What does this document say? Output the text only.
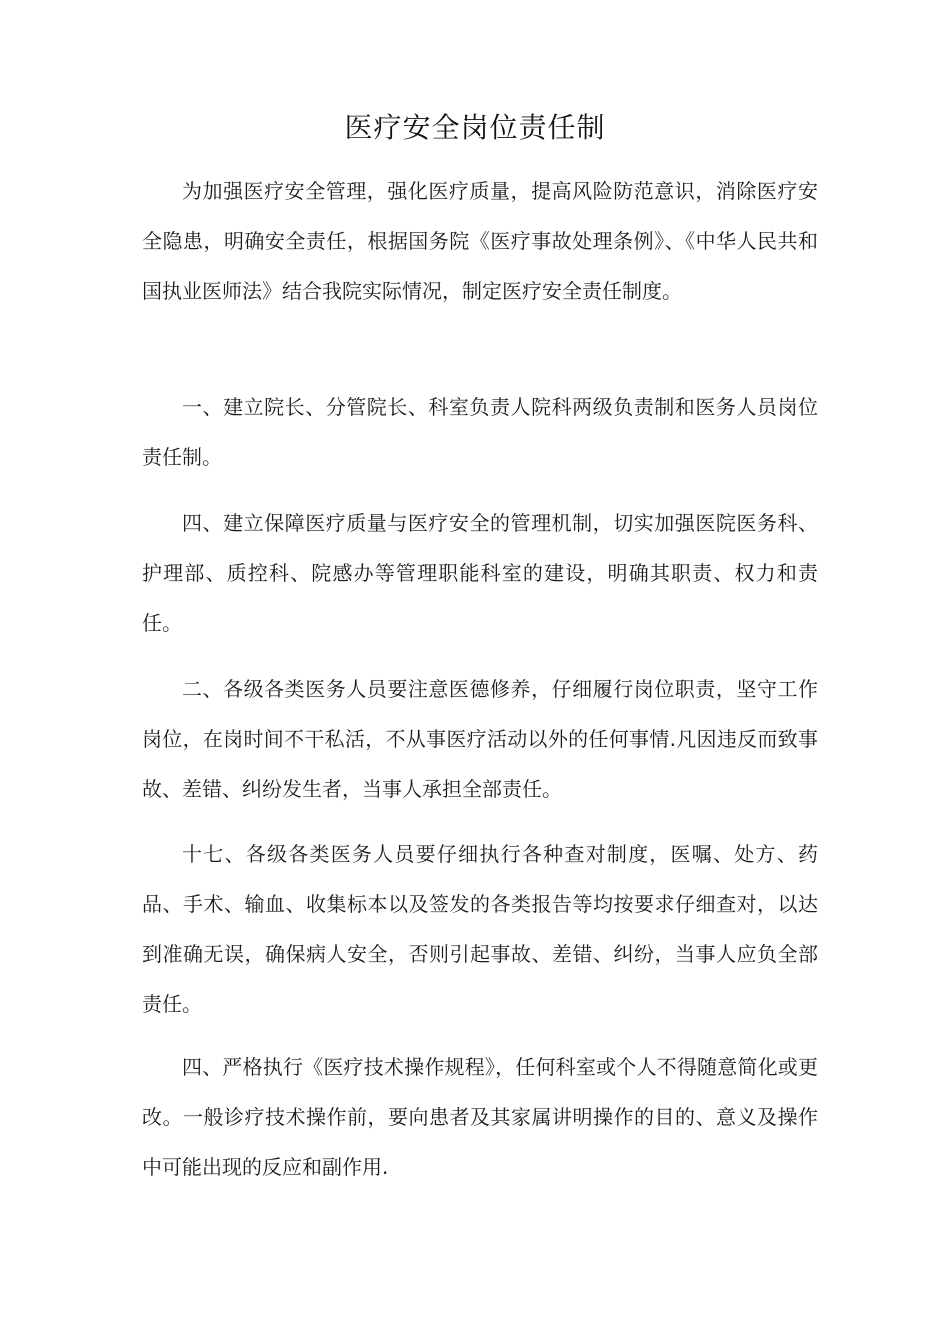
医疗安全岗位责任制

为加强医疗安全管理，强化医疗质量，提高风险防范意识，消除医疗安全隐患，明确安全责任，根据国务院《医疗事故处理条例》、《中华人民共和国执业医师法》结合我院实际情况，制定医疗安全责任制度。

一、建立院长、分管院长、科室负责人院科两级负责制和医务人员岗位责任制。

四、建立保障医疗质量与医疗安全的管理机制，切实加强医院医务科、护理部、质控科、院感办等管理职能科室的建设，明确其职责、权力和责任。

二、各级各类医务人员要注意医德修养，仔细履行岗位职责，坚守工作岗位，在岗时间不干私活，不从事医疗活动以外的任何事情.凡因违反而致事故、差错、纠纷发生者，当事人承担全部责任。

十七、各级各类医务人员要仔细执行各种查对制度，医嘱、处方、药品、手术、输血、收集标本以及签发的各类报告等均按要求仔细查对，以达到准确无误，确保病人安全，否则引起事故、差错、纠纷，当事人应负全部责任。

四、严格执行《医疗技术操作规程》，任何科室或个人不得随意简化或更改。一般诊疗技术操作前，要向患者及其家属讲明操作的目的、意义及操作中可能出现的反应和副作用.
